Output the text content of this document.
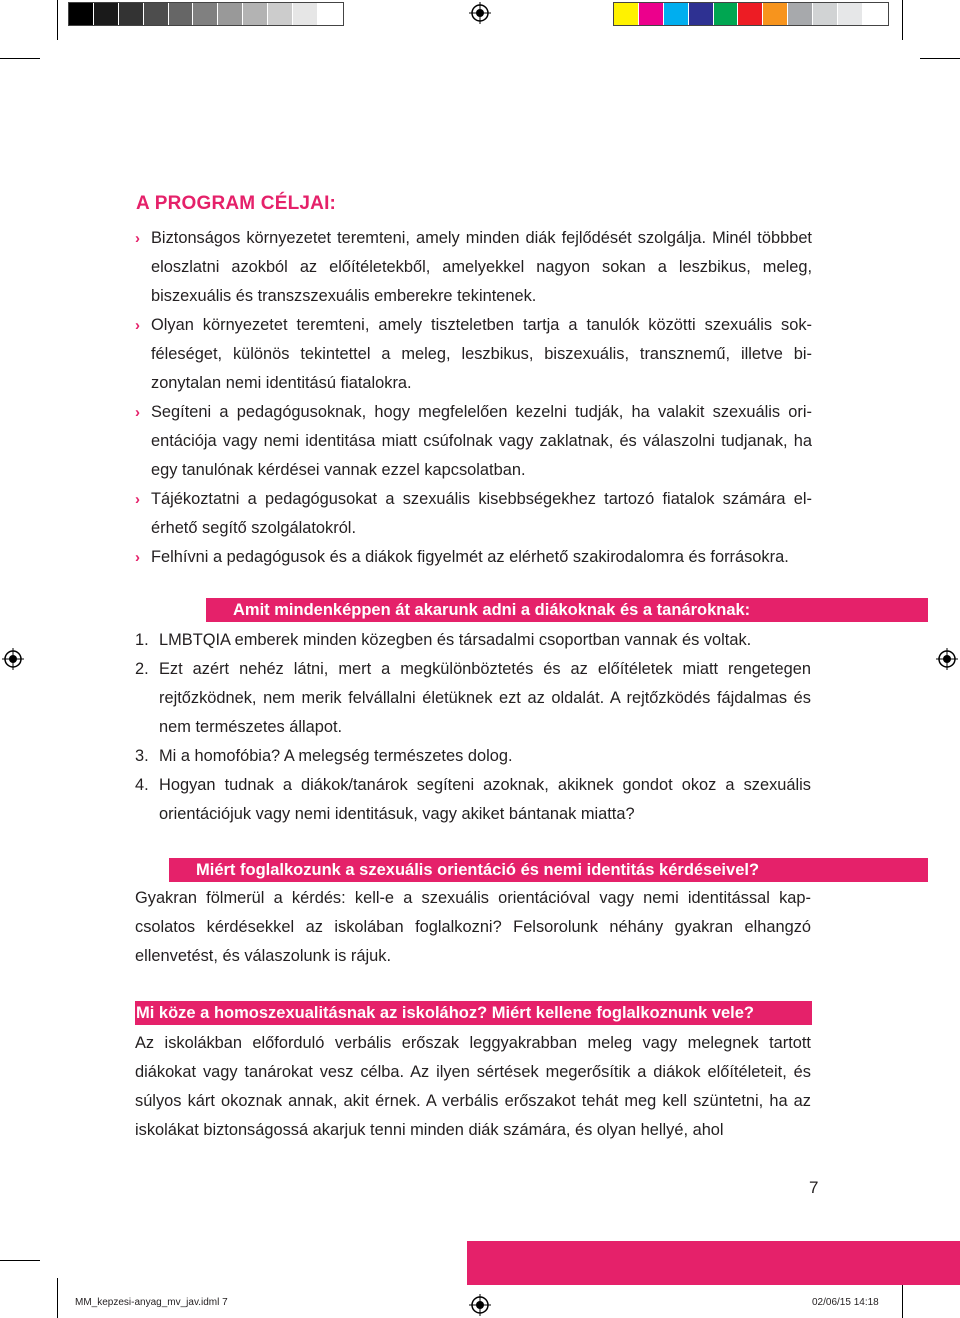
A PROGRAM CÉLJAI:
› Biztonságos környezetet teremteni, amely minden diák fejlődését szolgálja. Minél többbet eloszlatni azokból az előítéletekből, amelyekkel nagyon sokan a leszbikus, meleg, biszexuális és transzszexuális emberekre tekintenek.
› Olyan környezetet teremteni, amely tiszteletben tartja a tanulók közötti szexuális sokféleséget, különös tekintettel a meleg, leszbikus, biszexuális, transznemű, illetve bizonytalan nemi identitású fiatalokra.
› Segíteni a pedagógusoknak, hogy megfelelően kezelni tudják, ha valakit szexuális orientációja vagy nemi identitása miatt csúfolnak vagy zaklatnak, és válaszolni tudjanak, ha egy tanulónak kérdései vannak ezzel kapcsolatban.
› Tájékoztatni a pedagógusokat a szexuális kisebbségekhez tartozó fiatalok számára elérhető segítő szolgálatokról.
› Felhívni a pedagógusok és a diákok figyelmét az elérhető szakirodalomra és forrásokra.
Amit mindenképpen át akarunk adni a diákoknak és a tanároknak:
1. LMBTQIA emberek minden közegben és társadalmi csoportban vannak és voltak.
2. Ezt azért nehéz látni, mert a megkülönböztetés és az előítéletek miatt rengetegen rejtőzködnek, nem merik felvállalni életüknek ezt az oldalát. A rejtőzködés fájdalmas és nem természetes állapot.
3. Mi a homofóbia? A melegség természetes dolog.
4. Hogyan tudnak a diákok/tanárok segíteni azoknak, akiknek gondot okoz a szexuális orientációjuk vagy nemi identitásuk, vagy akiket bántanak miatta?
Miért foglalkozunk a szexuális orientáció és nemi identitás kérdéseivel?
Gyakran fölmerül a kérdés: kell-e a szexuális orientációval vagy nemi identitással kapcsolatos kérdésekkel az iskolában foglalkozni? Felsorolunk néhány gyakran elhangzó ellenvetést, és válaszolunk is rájuk.
Mi köze a homoszexualitásnak az iskolához? Miért kellene foglalkoznunk vele?
Az iskolákban előforduló verbális erőszak leggyakrabban meleg vagy melegnek tartott diákokat vagy tanárokat vesz célba. Az ilyen sértések megerősítik a diákok előítéleteit, és súlyos kárt okoznak annak, akit érnek. A verbális erőszakot tehát meg kell szüntetni, ha az iskolákat biztonságossá akarjuk tenni minden diák számára, és olyan hellyé, ahol
7
MM_kepzesi-anyag_mv_jav.idml 7	02/06/15 14:18
